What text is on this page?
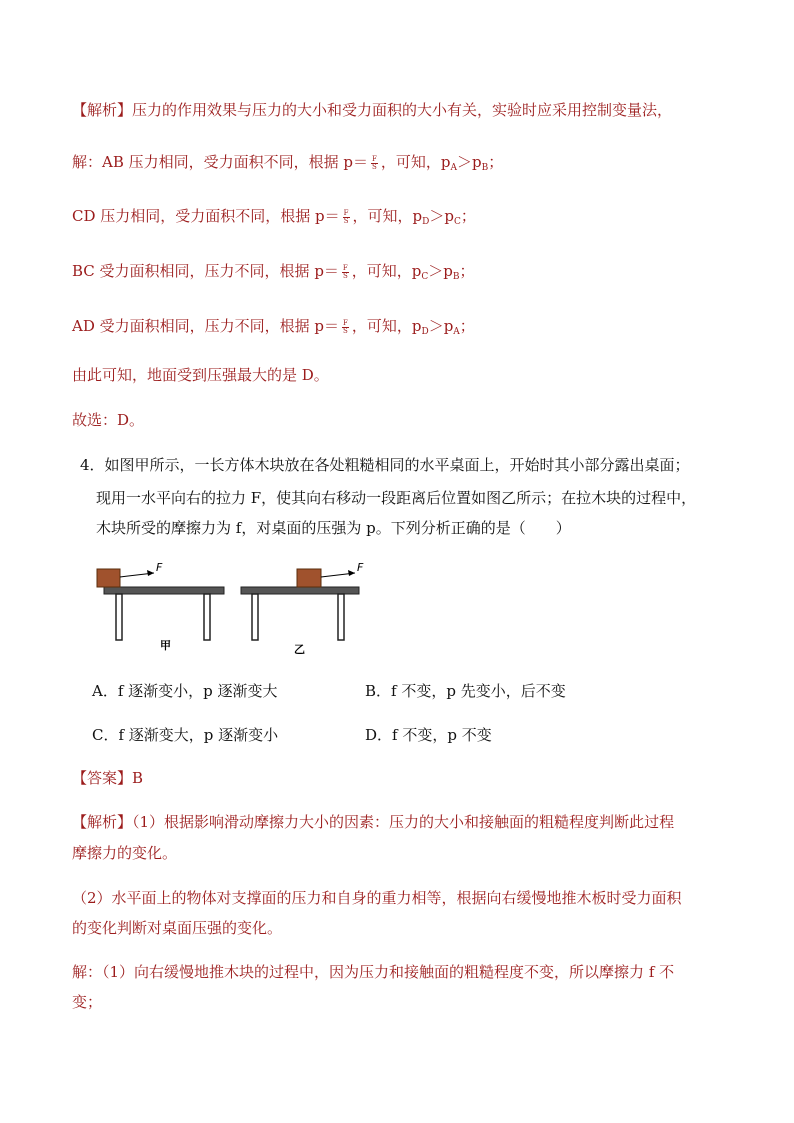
【解析】压力的作用效果与压力的大小和受力面积的大小有关，实验时应采用控制变量法，
解：AB 压力相同，受力面积不同，根据 $p= \frac{F}{S}$ ，可知，$p_A>p_B$；
CD 压力相同，受力面积不同，根据 $p= \frac{F}{S}$ ，可知，$p_D>p_C$；
BC 受力面积相同，压力不同，根据 $p= \frac{F}{S}$ ，可知，$p_C>p_B$；
AD 受力面积相同，压力不同，根据 $p= \frac{F}{S}$ ，可知，$p_D>p_A$；
由此可知，地面受到压强最大的是 D。
故选：D。
4．如图甲所示，一长方体木块放在各处粗糙相同的水平桌面上，开始时其小部分露出桌面；
现用一水平向右的拉力 F，使其向右移动一段距离后位置如图乙所示；在拉木块的过程中，
木块所受的摩擦力为 f，对桌面的压强为 p。下列分析正确的是（　　）
F
甲
F
乙
A．f 逐渐变小，p 逐渐变大	B．f 不变，p 先变小，后不变
C．f 逐渐变大，p 逐渐变小	D．f 不变，p 不变
【答案】B
【解析】（1）根据影响滑动摩擦力大小的因素：压力的大小和接触面的粗糙程度判断此过程
摩擦力的变化。
（2）水平面上的物体对支撑面的压力和自身的重力相等，根据向右缓慢地推木板时受力面积
的变化判断对桌面压强的变化。
解：（1）向右缓慢地推木块的过程中，因为压力和接触面的粗糙程度不变，所以摩擦力 f 不
变；
